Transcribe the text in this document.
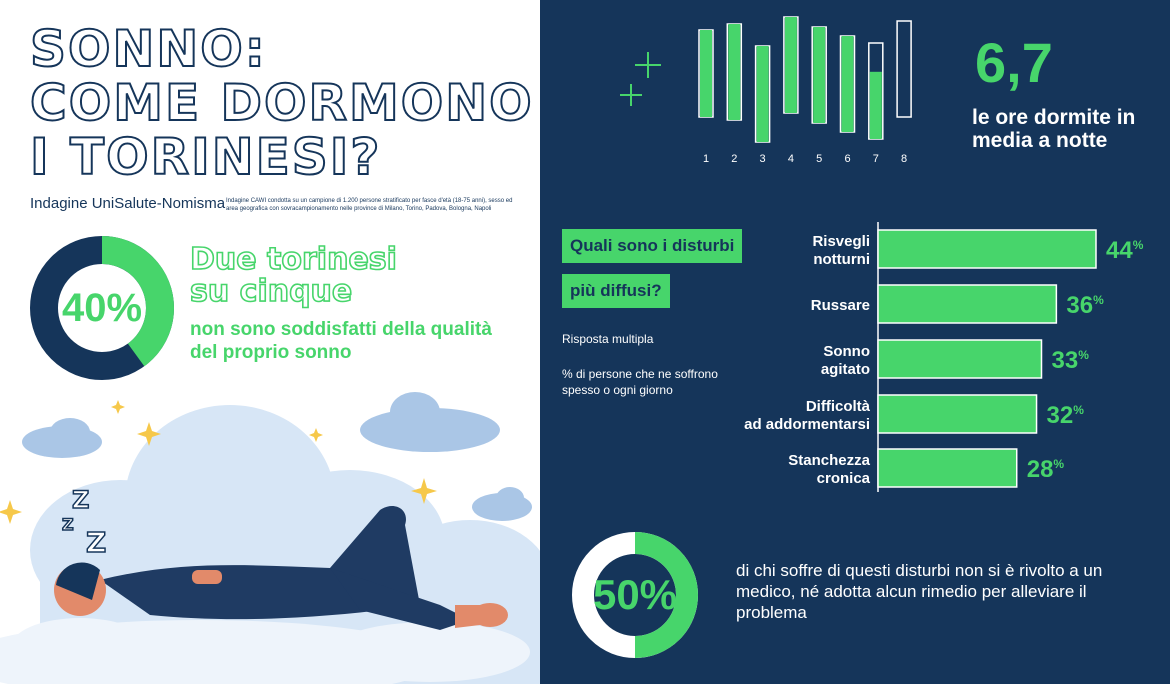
SONNO:
COME DORMONO
I TORINESI?
Indagine UniSalute-Nomisma Indagine CAWI condotta su un campione di 1.200 persone stratificato per fasce d'età (18-75 anni), sesso ed area geografica con sovracampionamento nelle province di Milano, Torino, Padova, Bologna, Napoli
40%
Due torinesi
su cinque
non sono soddisfatti della qualità del proprio sonno
Z
Z
Z
1 2 3 4 5 6 7 8
Risvegli
notturni	44%
Russare	36%
Sonno
agitato	33%
Difficoltà
ad addormentarsi	32%
Stanchezza
cronica	28%
6,7
le ore dormite in media a notte
Quali sono i disturbi
più diffusi?
Risposta multipla
% di persone che ne soffrono spesso o ogni giorno
50%
di chi soffre di questi disturbi non si è rivolto a un medico, né adotta alcun rimedio per alleviare il problema
